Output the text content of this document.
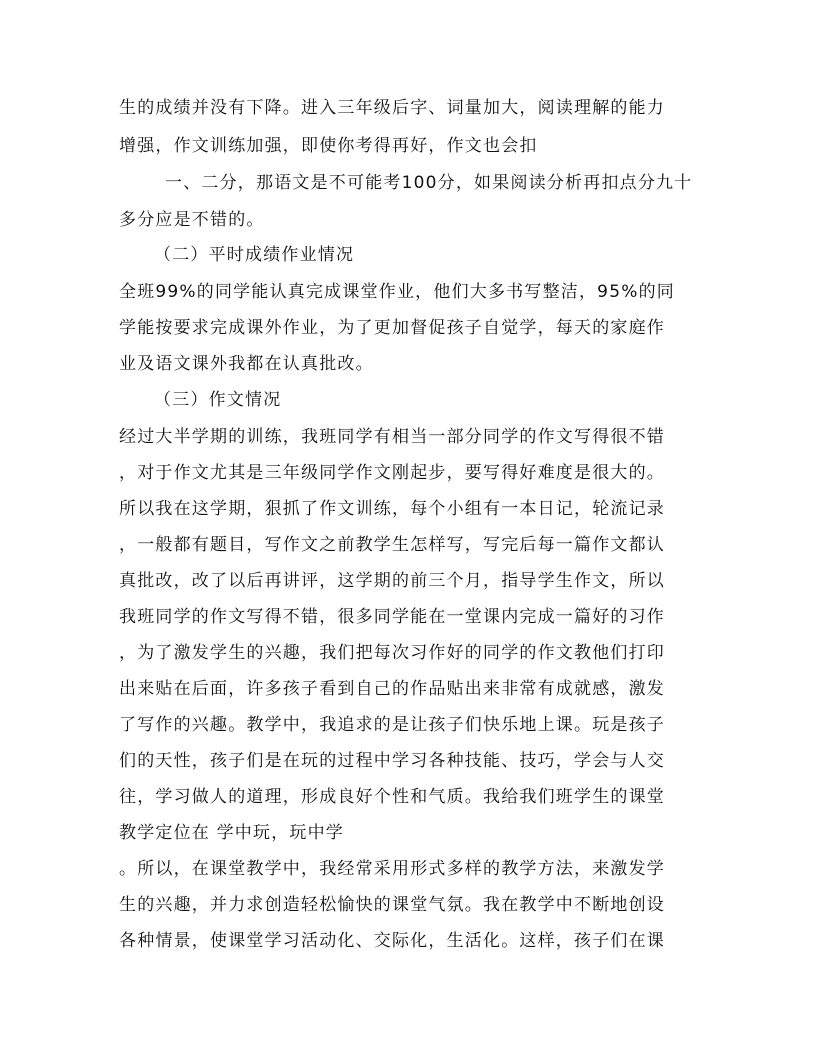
生的成绩并没有下降。进入三年级后字、词量加大，阅读理解的能力
增强，作文训练加强，即使你考得再好，作文也会扣
一、二分，那语文是不可能考100分，如果阅读分析再扣点分九十
多分应是不错的。
（二）平时成绩作业情况
全班99%的同学能认真完成课堂作业，他们大多书写整洁，95%的同
学能按要求完成课外作业，为了更加督促孩子自觉学，每天的家庭作
业及语文课外我都在认真批改。
（三）作文情况
经过大半学期的训练，我班同学有相当一部分同学的作文写得很不错
，对于作文尤其是三年级同学作文刚起步，要写得好难度是很大的。
所以我在这学期，狠抓了作文训练，每个小组有一本日记，轮流记录
，一般都有题目，写作文之前教学生怎样写，写完后每一篇作文都认
真批改，改了以后再讲评，这学期的前三个月，指导学生作文，所以
我班同学的作文写得不错，很多同学能在一堂课内完成一篇好的习作
，为了激发学生的兴趣，我们把每次习作好的同学的作文教他们打印
出来贴在后面，许多孩子看到自己的作品贴出来非常有成就感，激发
了写作的兴趣。教学中，我追求的是让孩子们快乐地上课。玩是孩子
们的天性，孩子们是在玩的过程中学习各种技能、技巧，学会与人交
往，学习做人的道理，形成良好个性和气质。我给我们班学生的课堂
教学定位在 学中玩，玩中学
。所以，在课堂教学中，我经常采用形式多样的教学方法，来激发学
生的兴趣，并力求创造轻松愉快的课堂气氛。我在教学中不断地创设
各种情景，使课堂学习活动化、交际化，生活化。这样，孩子们在课
